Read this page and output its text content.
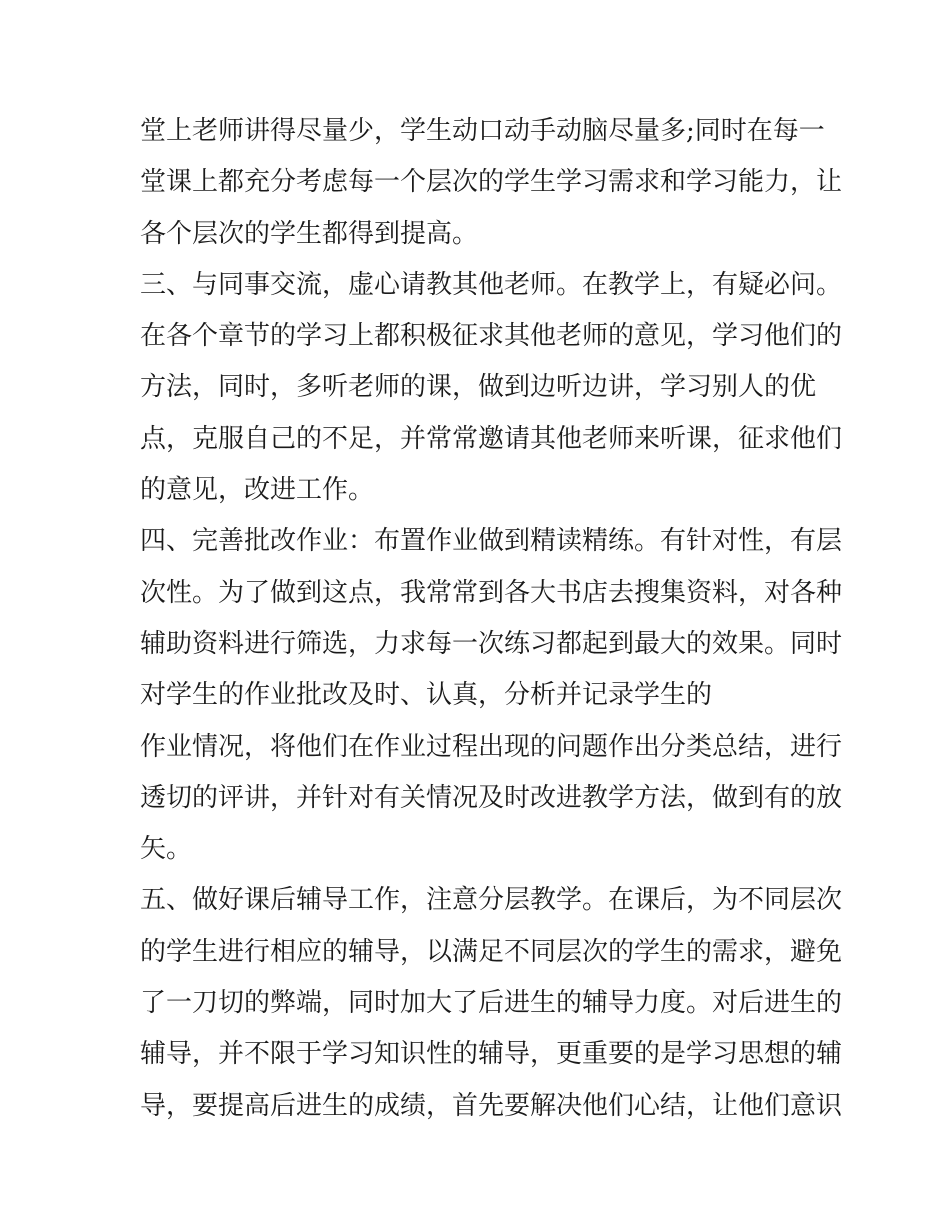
堂上老师讲得尽量少，学生动口动手动脑尽量多;同时在每一
堂课上都充分考虑每一个层次的学生学习需求和学习能力，让
各个层次的学生都得到提高。
三、与同事交流，虚心请教其他老师。在教学上，有疑必问。
在各个章节的学习上都积极征求其他老师的意见，学习他们的
方法，同时，多听老师的课，做到边听边讲，学习别人的优
点，克服自己的不足，并常常邀请其他老师来听课，征求他们
的意见，改进工作。
四、完善批改作业：布置作业做到精读精练。有针对性，有层
次性。为了做到这点，我常常到各大书店去搜集资料，对各种
辅助资料进行筛选，力求每一次练习都起到最大的效果。同时
对学生的作业批改及时、认真，分析并记录学生的
作业情况，将他们在作业过程出现的问题作出分类总结，进行
透切的评讲，并针对有关情况及时改进教学方法，做到有的放
矢。
五、做好课后辅导工作，注意分层教学。在课后，为不同层次
的学生进行相应的辅导，以满足不同层次的学生的需求，避免
了一刀切的弊端，同时加大了后进生的辅导力度。对后进生的
辅导，并不限于学习知识性的辅导，更重要的是学习思想的辅
导，要提高后进生的成绩，首先要解决他们心结，让他们意识
